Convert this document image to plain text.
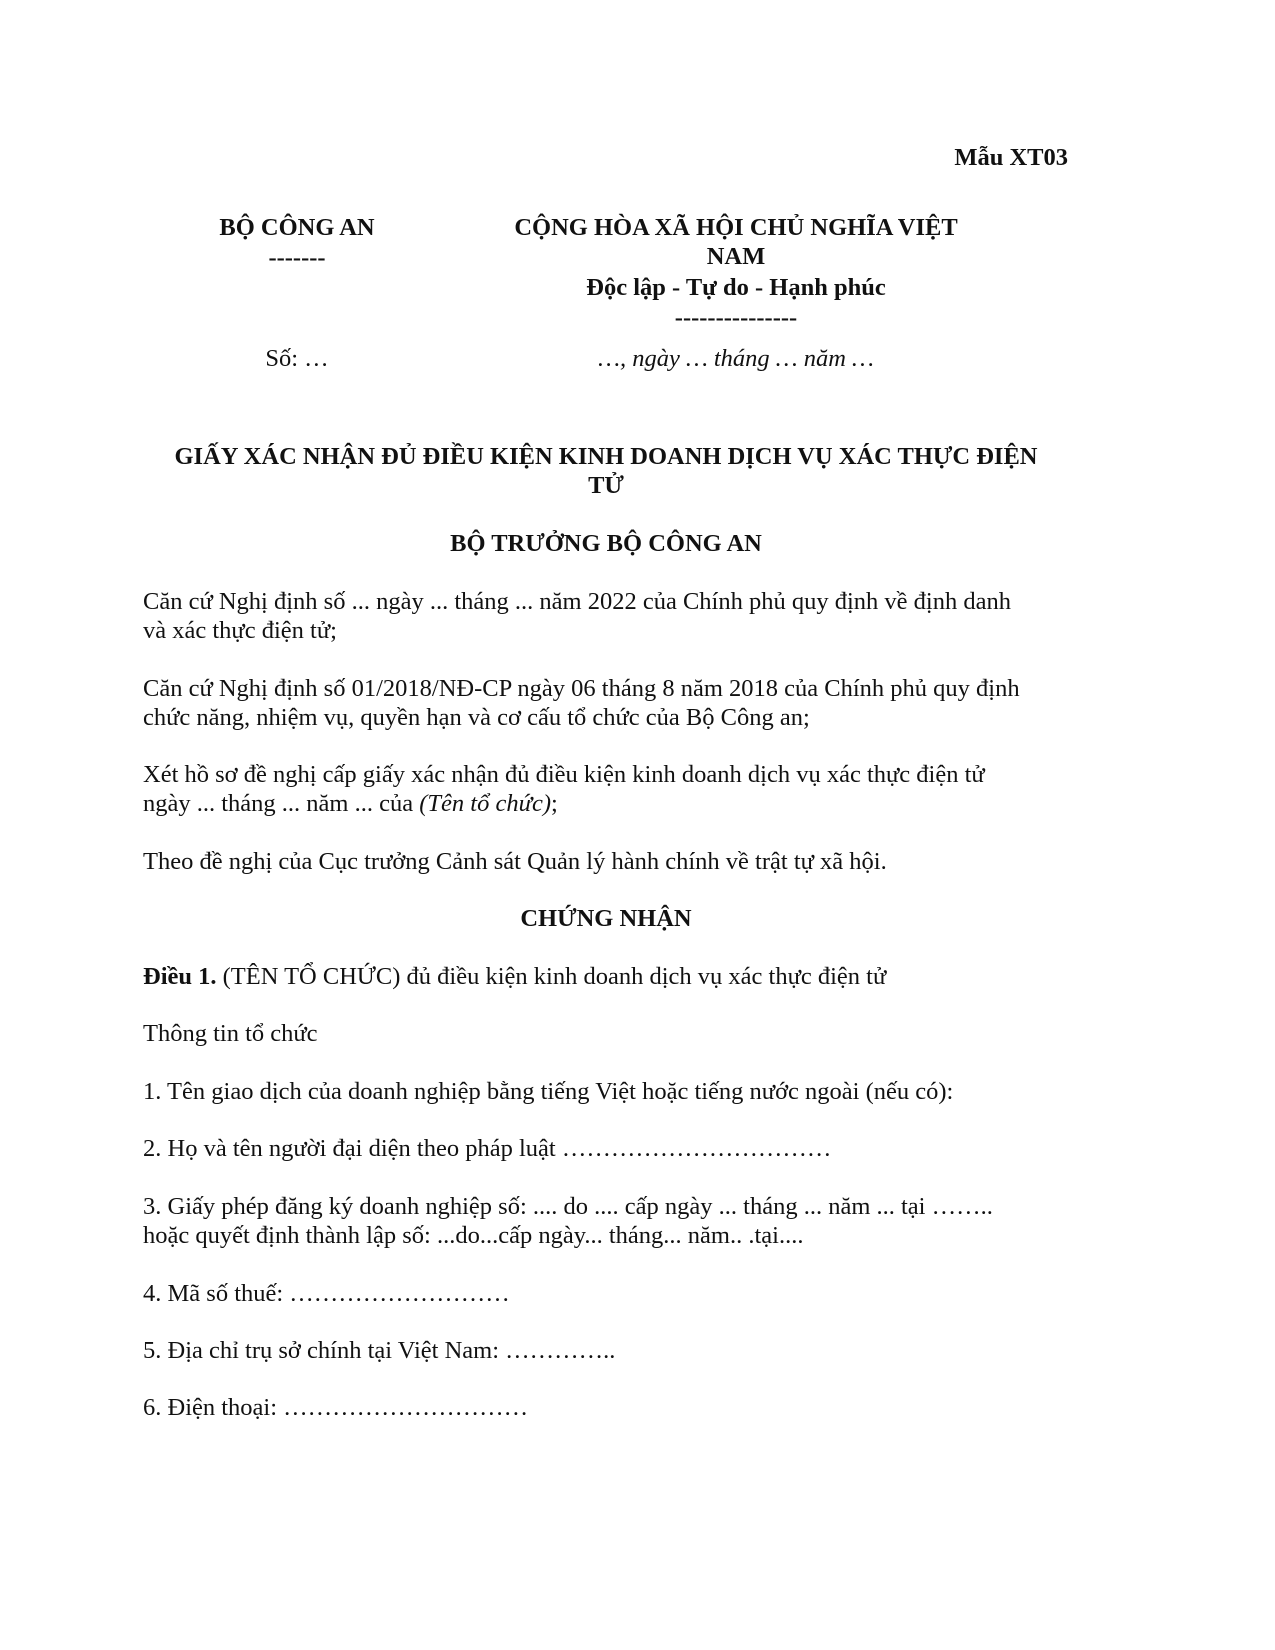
Mẫu XT03
BỘ CÔNG AN
-------
CỘNG HÒA XÃ HỘI CHỦ NGHĨA VIỆT
NAM
Độc lập - Tự do - Hạnh phúc
---------------
Số: …	…, ngày … tháng … năm …
GIẤY XÁC NHẬN ĐỦ ĐIỀU KIỆN KINH DOANH DỊCH VỤ XÁC THỰC ĐIỆN
TỬ
BỘ TRƯỞNG BỘ CÔNG AN
Căn cứ Nghị định số ... ngày ... tháng ... năm 2022 của Chính phủ quy định về định danh
và xác thực điện tử;
Căn cứ Nghị định số 01/2018/NĐ-CP ngày 06 tháng 8 năm 2018 của Chính phủ quy định
chức năng, nhiệm vụ, quyền hạn và cơ cấu tổ chức của Bộ Công an;
Xét hồ sơ đề nghị cấp giấy xác nhận đủ điều kiện kinh doanh dịch vụ xác thực điện tử
ngày ... tháng ... năm ... của (Tên tổ chức);
Theo đề nghị của Cục trưởng Cảnh sát Quản lý hành chính về trật tự xã hội.
CHỨNG NHẬN
Điều 1. (TÊN TỔ CHỨC) đủ điều kiện kinh doanh dịch vụ xác thực điện tử
Thông tin tổ chức
1. Tên giao dịch của doanh nghiệp bằng tiếng Việt hoặc tiếng nước ngoài (nếu có):
2. Họ và tên người đại diện theo pháp luật ……………………………
3. Giấy phép đăng ký doanh nghiệp số: .... do .... cấp ngày ... tháng ... năm ... tại ……..
hoặc quyết định thành lập số: ...do...cấp ngày... tháng... năm.. .tại....
4. Mã số thuế: ………………………
5. Địa chỉ trụ sở chính tại Việt Nam: …………..
6. Điện thoại: …………………………
